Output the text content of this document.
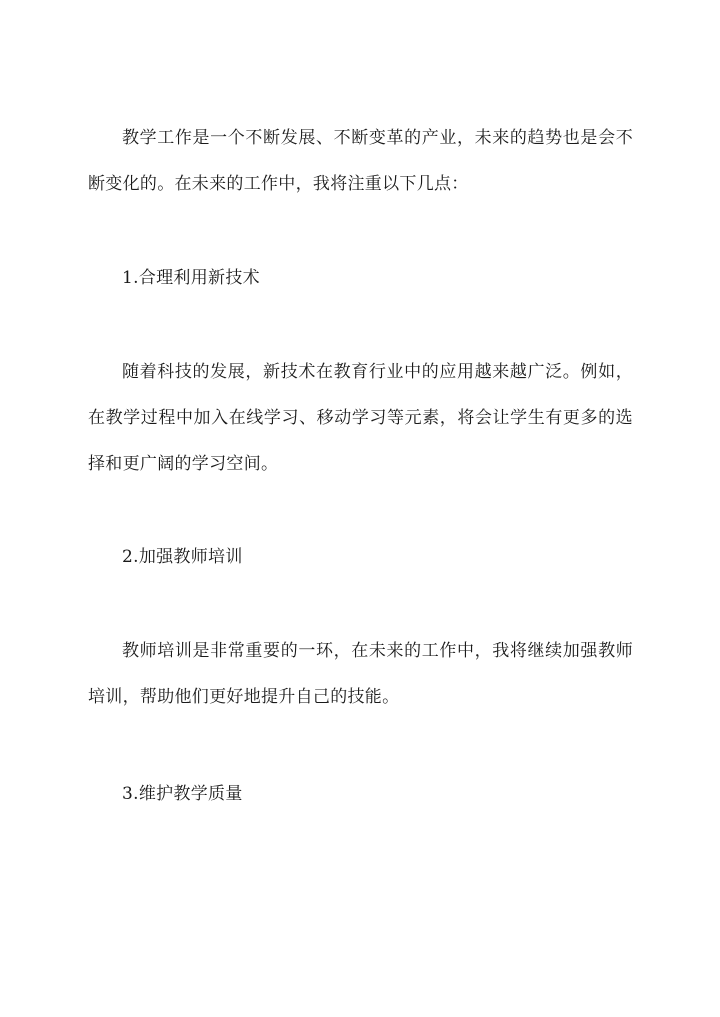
教学工作是一个不断发展、不断变革的产业，未来的趋势也是会不断变化的。在未来的工作中，我将注重以下几点：

1.合理利用新技术

随着科技的发展，新技术在教育行业中的应用越来越广泛。例如，在教学过程中加入在线学习、移动学习等元素，将会让学生有更多的选择和更广阔的学习空间。

2.加强教师培训

教师培训是非常重要的一环，在未来的工作中，我将继续加强教师培训，帮助他们更好地提升自己的技能。

3.维护教学质量
